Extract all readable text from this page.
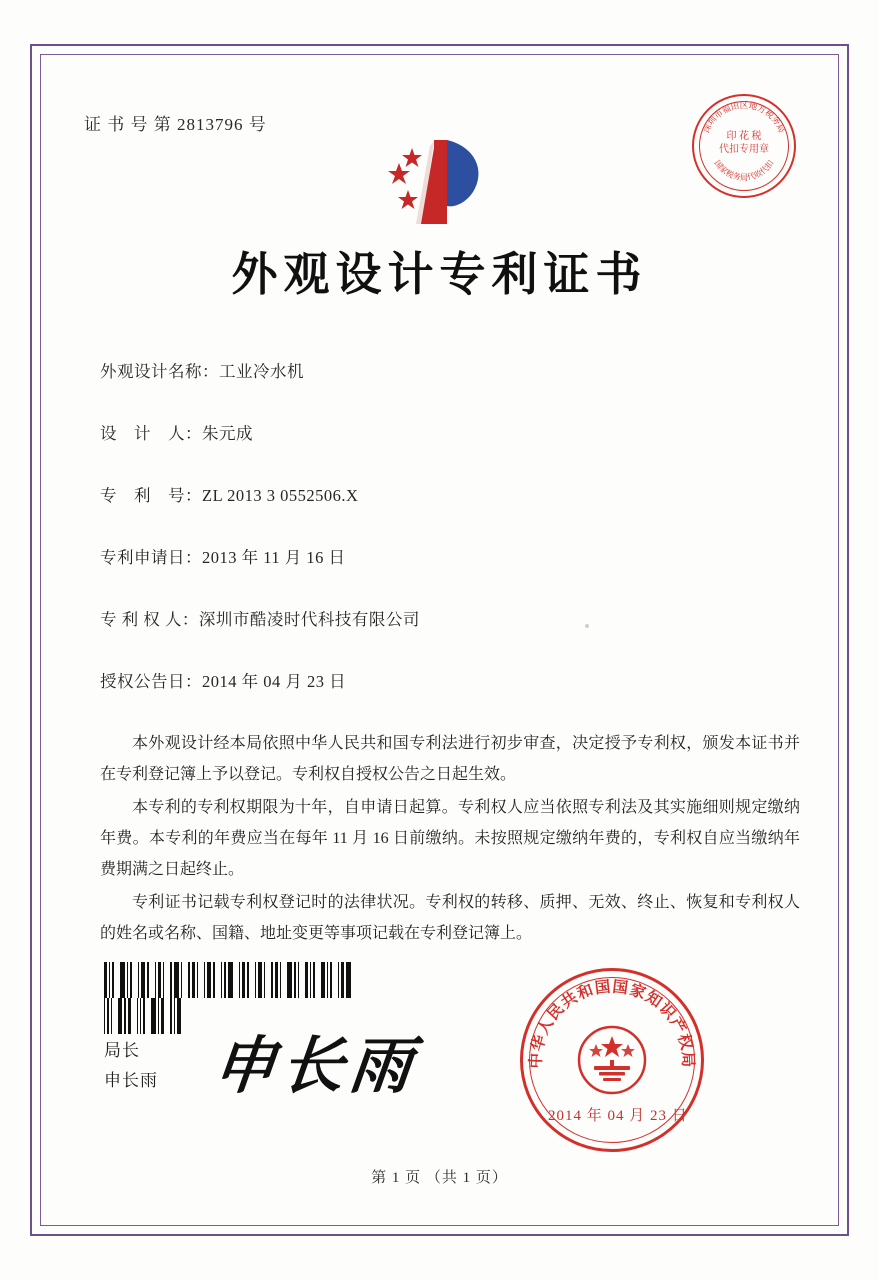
证 书 号 第 2813796 号	深圳市福田区地方税务局
国家税务局代收代扣
印 花 税
代扣专用章
外观设计专利证书
外观设计名称：工业冷水机
设　计　人：朱元成
专　利　号：ZL 2013 3 0552506.X
专利申请日：2013 年 11 月 16 日
专 利 权 人：深圳市酷凌时代科技有限公司
授权公告日：2014 年 04 月 23 日

本外观设计经本局依照中华人民共和国专利法进行初步审查，决定授予专利权，颁发本证书并在专利登记簿上予以登记。专利权自授权公告之日起生效。

本专利的专利权期限为十年，自申请日起算。专利权人应当依照专利法及其实施细则规定缴纳年费。本专利的年费应当在每年 11 月 16 日前缴纳。未按照规定缴纳年费的，专利权自应当缴纳年费期满之日起终止。

专利证书记载专利权登记时的法律状况。专利权的转移、质押、无效、终止、恢复和专利权人的姓名或名称、国籍、地址变更等事项记载在专利登记簿上。

局长
申长雨 申长雨	中华人民共和国国家知识产权局
2014 年 04 月 23 日
第 1 页 （共 1 页）
